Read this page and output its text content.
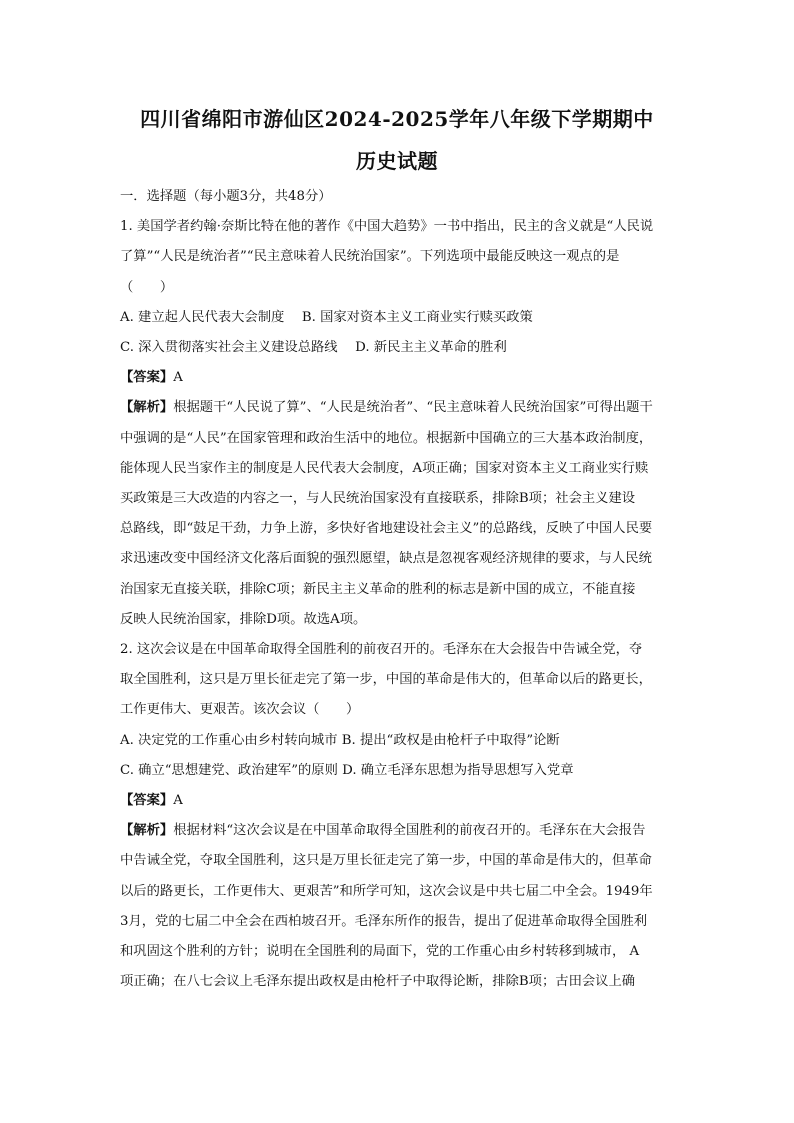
四川省绵阳市游仙区2024-2025学年八年级下学期期中
历史试题

一．选择题（每小题3分，共48分）

1. 美国学者约翰·奈斯比特在他的著作《中国大趋势》一书中指出，民主的含义就是“人民说

了算”“人民是统治者”“民主意味着人民统治国家”。下列选项中最能反映这一观点的是

（　　）

A. 建立起人民代表大会制度　 B. 国家对资本主义工商业实行赎买政策

C. 深入贯彻落实社会主义建设总路线　 D. 新民主主义革命的胜利

【答案】A

【解析】根据题干“人民说了算”、“人民是统治者”、“民主意味着人民统治国家”可得出题干

中强调的是“人民”在国家管理和政治生活中的地位。根据新中国确立的三大基本政治制度，

能体现人民当家作主的制度是人民代表大会制度，A项正确；国家对资本主义工商业实行赎

买政策是三大改造的内容之一，与人民统治国家没有直接联系，排除B项；社会主义建设

总路线，即“鼓足干劲，力争上游，多快好省地建设社会主义”的总路线，反映了中国人民要

求迅速改变中国经济文化落后面貌的强烈愿望，缺点是忽视客观经济规律的要求，与人民统

治国家无直接关联，排除C项；新民主主义革命的胜利的标志是新中国的成立，不能直接

反映人民统治国家，排除D项。故选A项。

2. 这次会议是在中国革命取得全国胜利的前夜召开的。毛泽东在大会报告中告诫全党，夺

取全国胜利，这只是万里长征走完了第一步，中国的革命是伟大的，但革命以后的路更长，

工作更伟大、更艰苦。该次会议（　　）

A. 决定党的工作重心由乡村转向城市 B. 提出“政权是由枪杆子中取得”论断

C. 确立“思想建党、政治建军”的原则 D. 确立毛泽东思想为指导思想写入党章

【答案】A

【解析】根据材料“这次会议是在中国革命取得全国胜利的前夜召开的。毛泽东在大会报告

中告诫全党，夺取全国胜利，这只是万里长征走完了第一步，中国的革命是伟大的，但革命

以后的路更长，工作更伟大、更艰苦”和所学可知，这次会议是中共七届二中全会。1949年

3月，党的七届二中全会在西柏坡召开。毛泽东所作的报告，提出了促进革命取得全国胜利

和巩固这个胜利的方针；说明在全国胜利的局面下，党的工作重心由乡村转移到城市， A

项正确；在八七会议上毛泽东提出政权是由枪杆子中取得论断，排除B项；古田会议上确
